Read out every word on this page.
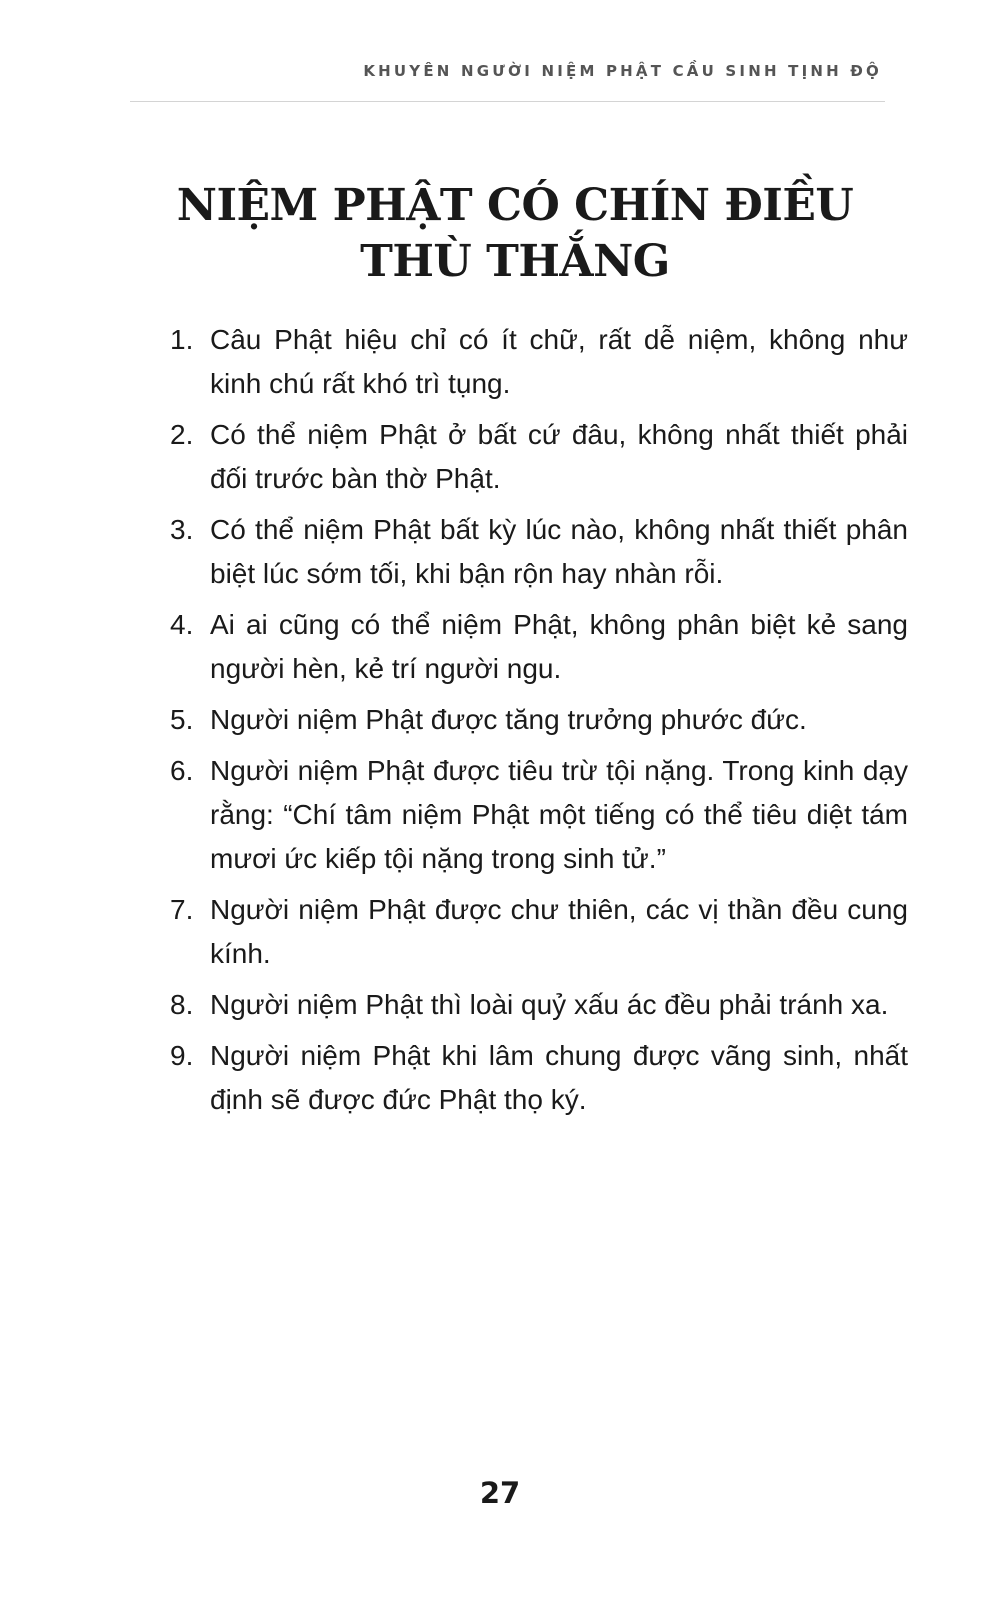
KHUYÊN NGƯỜI NIỆM PHẬT CẦU SINH TỊNH ĐỘ
NIỆM PHẬT CÓ CHÍN ĐIỀU
THÙ THẮNG
1. Câu Phật hiệu chỉ có ít chữ, rất dễ niệm, không như kinh chú rất khó trì tụng.
2. Có thể niệm Phật ở bất cứ đâu, không nhất thiết phải đối trước bàn thờ Phật.
3. Có thể niệm Phật bất kỳ lúc nào, không nhất thiết phân biệt lúc sớm tối, khi bận rộn hay nhàn rỗi.
4. Ai ai cũng có thể niệm Phật, không phân biệt kẻ sang người hèn, kẻ trí người ngu.
5. Người niệm Phật được tăng trưởng phước đức.
6. Người niệm Phật được tiêu trừ tội nặng. Trong kinh dạy rằng: “Chí tâm niệm Phật một tiếng có thể tiêu diệt tám mươi ức kiếp tội nặng trong sinh tử.”
7. Người niệm Phật được chư thiên, các vị thần đều cung kính.
8. Người niệm Phật thì loài quỷ xấu ác đều phải tránh xa.
9. Người niệm Phật khi lâm chung được vãng sinh, nhất định sẽ được đức Phật thọ ký.
27
